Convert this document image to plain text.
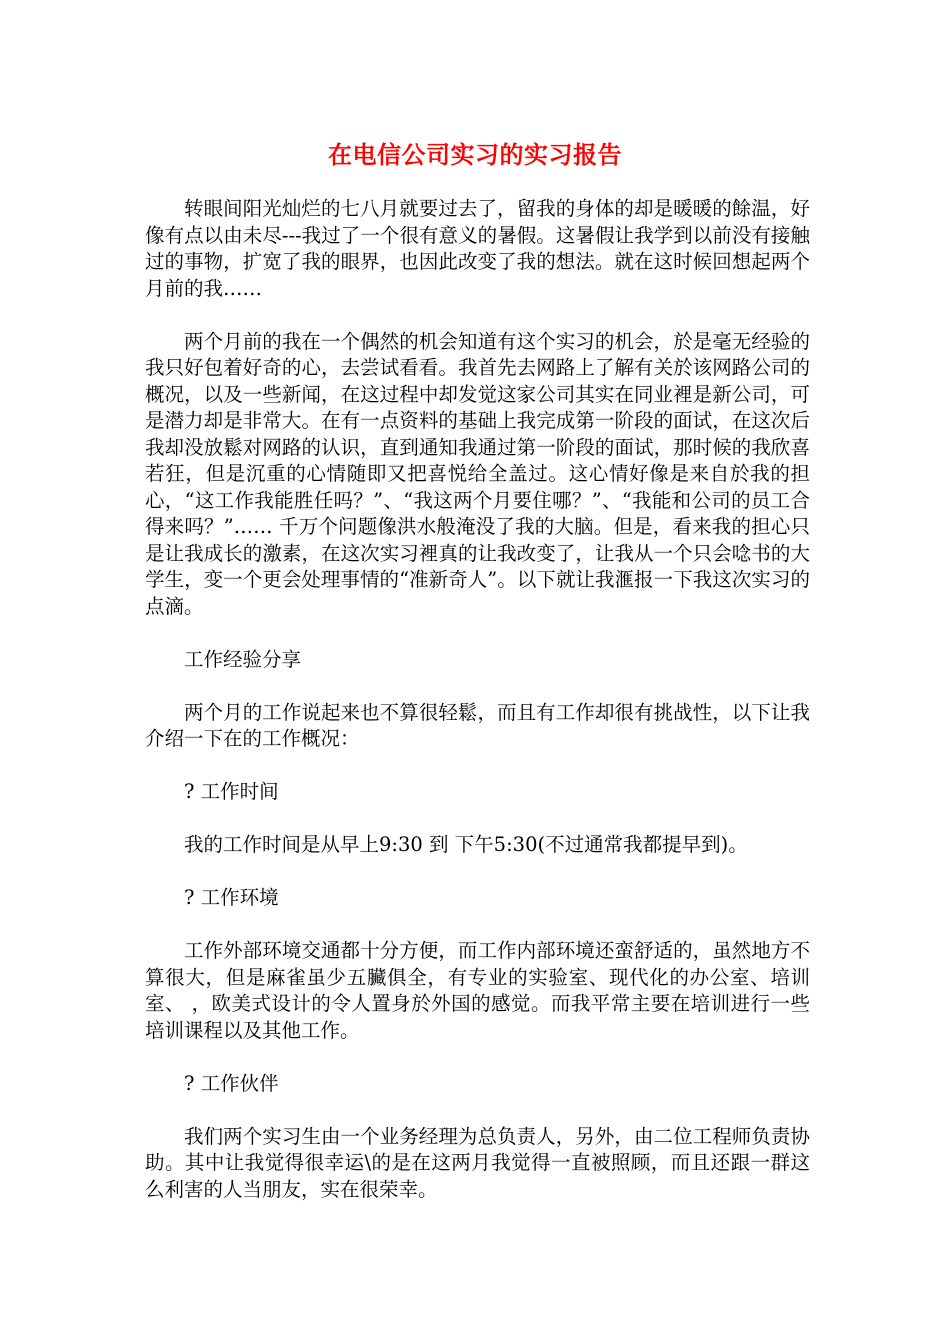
在电信公司实习的实习报告

转眼间阳光灿烂的七八月就要过去了，留我的身体的却是暖暖的餘温，好像有点以由未尽---我过了一个很有意义的暑假。这暑假让我学到以前没有接触过的事物，扩宽了我的眼界，也因此改变了我的想法。就在这时候回想起两个月前的我……

两个月前的我在一个偶然的机会知道有这个实习的机会，於是毫无经验的我只好包着好奇的心，去尝试看看。我首先去网路上了解有关於该网路公司的概况，以及一些新闻，在这过程中却发觉这家公司其实在同业裡是新公司，可是潜力却是非常大。在有一点资料的基础上我完成第一阶段的面试，在这次后我却没放鬆对网路的认识，直到通知我通过第一阶段的面试，那时候的我欣喜若狂，但是沉重的心情随即又把喜悦给全盖过。这心情好像是来自於我的担心，“这工作我能胜任吗？”、“我这两个月要住哪？”、“我能和公司的员工合得来吗？”…… 千万个问题像洪水般淹没了我的大脑。但是，看来我的担心只是让我成长的激素，在这次实习裡真的让我改变了，让我从一个只会唸书的大学生，变一个更会处理事情的“准新奇人”。以下就让我滙报一下我这次实习的点滴。

工作经验分享

两个月的工作说起来也不算很轻鬆，而且有工作却很有挑战性，以下让我介绍一下在的工作概况：

? 工作时间

我的工作时间是从早上9:30 到 下午5:30(不过通常我都提早到)。

? 工作环境

工作外部环境交通都十分方便，而工作内部环境还蛮舒适的，虽然地方不算很大，但是麻雀虽少五臟俱全，有专业的实验室、现代化的办公室、培训室、 ，欧美式设计的令人置身於外国的感觉。而我平常主要在培训进行一些培训课程以及其他工作。

? 工作伙伴

我们两个实习生由一个业务经理为总负责人，另外，由二位工程师负责协助。其中让我觉得很幸运\的是在这两月我觉得一直被照顾，而且还跟一群这么利害的人当朋友，实在很荣幸。
